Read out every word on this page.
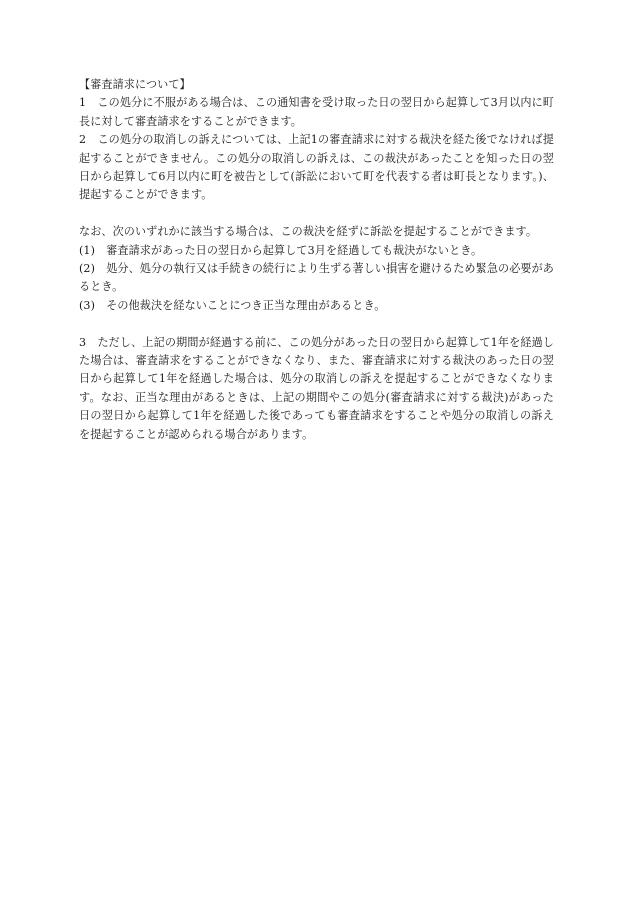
【審査請求について】

1　この処分に不服がある場合は、この通知書を受け取った日の翌日から起算して3月以内に町長に対して審査請求をすることができます。

2　この処分の取消しの訴えについては、上記1の審査請求に対する裁決を経た後でなければ提起することができません。この処分の取消しの訴えは、この裁決があったことを知った日の翌日から起算して6月以内に町を被告として(訴訟において町を代表する者は町長となります。)、提起することができます。

なお、次のいずれかに該当する場合は、この裁決を経ずに訴訟を提起することができます。

(1)　審査請求があった日の翌日から起算して3月を経過しても裁決がないとき。

(2)　処分、処分の執行又は手続きの続行により生ずる著しい損害を避けるため緊急の必要があるとき。

(3)　その他裁決を経ないことにつき正当な理由があるとき。

3　ただし、上記の期間が経過する前に、この処分があった日の翌日から起算して1年を経過した場合は、審査請求をすることができなくなり、また、審査請求に対する裁決のあった日の翌日から起算して1年を経過した場合は、処分の取消しの訴えを提起することができなくなります。なお、正当な理由があるときは、上記の期間やこの処分(審査請求に対する裁決)があった日の翌日から起算して1年を経過した後であっても審査請求をすることや処分の取消しの訴えを提起することが認められる場合があります。
